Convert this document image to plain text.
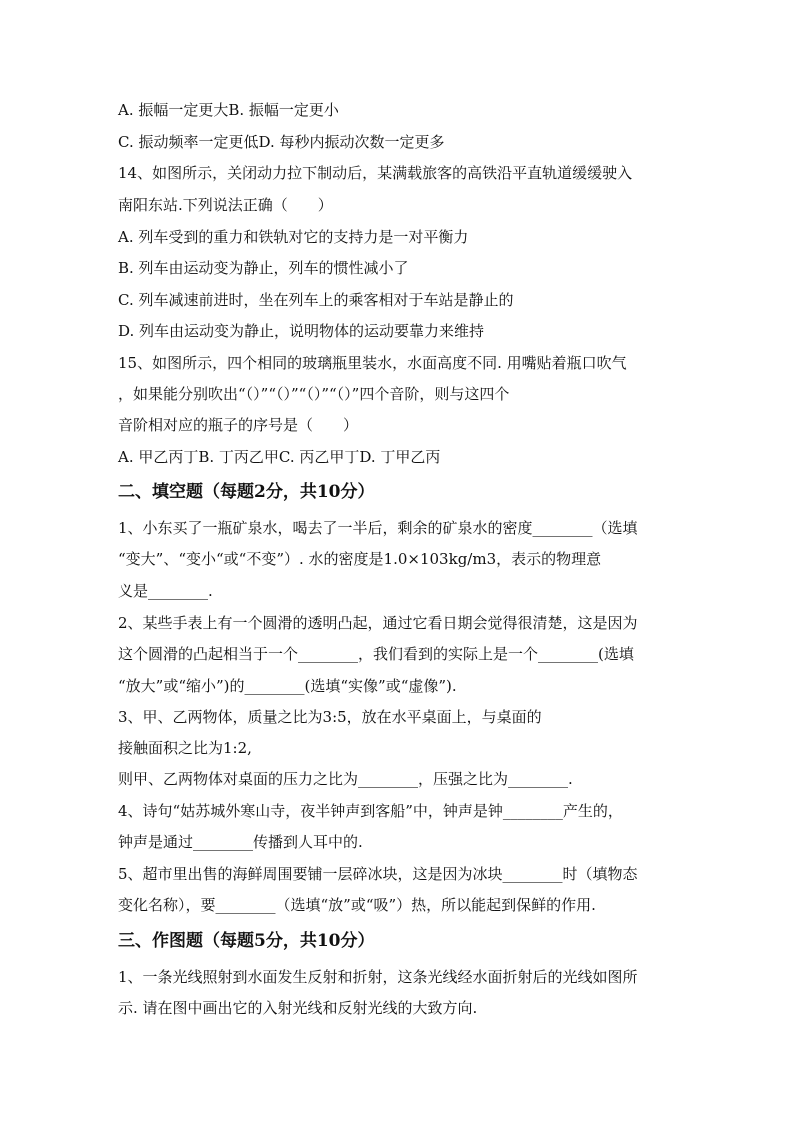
A. 振幅一定更大B. 振幅一定更小
C. 振动频率一定更低D. 每秒内振动次数一定更多
14、如图所示，关闭动力拉下制动后，某满载旅客的高铁沿平直轨道缓缓驶入
南阳东站.下列说法正确（　　）
A. 列车受到的重力和铁轨对它的支持力是一对平衡力
B. 列车由运动变为静止，列车的惯性减小了
C. 列车减速前进时，坐在列车上的乘客相对于车站是静止的
D. 列车由运动变为静止，说明物体的运动要靠力来维持
15、如图所示，四个相同的玻璃瓶里装水，水面高度不同. 用嘴贴着瓶口吹气
，如果能分别吹出“（）”“（）”“（）”“（）”四个音阶，则与这四个
音阶相对应的瓶子的序号是（　　）
A. 甲乙丙丁B. 丁丙乙甲C. 丙乙甲丁D. 丁甲乙丙
二、填空题（每题2分，共10分）
1、小东买了一瓶矿泉水，喝去了一半后，剩余的矿泉水的密度________（选填
“变大”、“变小“或“不变”）. 水的密度是1.0×103kg/m3，表示的物理意
义是________.
2、某些手表上有一个圆滑的透明凸起，通过它看日期会觉得很清楚，这是因为
这个圆滑的凸起相当于一个________，我们看到的实际上是一个________(选填
“放大”或“缩小”)的________(选填“实像”或“虚像”).
3、甲、乙两物体，质量之比为3:5，放在水平桌面上，与桌面的
接触面积之比为1:2,
则甲、乙两物体对桌面的压力之比为________，压强之比为________.
4、诗句“姑苏城外寒山寺，夜半钟声到客船”中，钟声是钟________产生的，
钟声是通过________传播到人耳中的.
5、超市里出售的海鲜周围要铺一层碎冰块，这是因为冰块________时（填物态
变化名称），要________（选填“放”或“吸”）热，所以能起到保鲜的作用.
三、作图题（每题5分，共10分）
1、一条光线照射到水面发生反射和折射，这条光线经水面折射后的光线如图所
示. 请在图中画出它的入射光线和反射光线的大致方向.
